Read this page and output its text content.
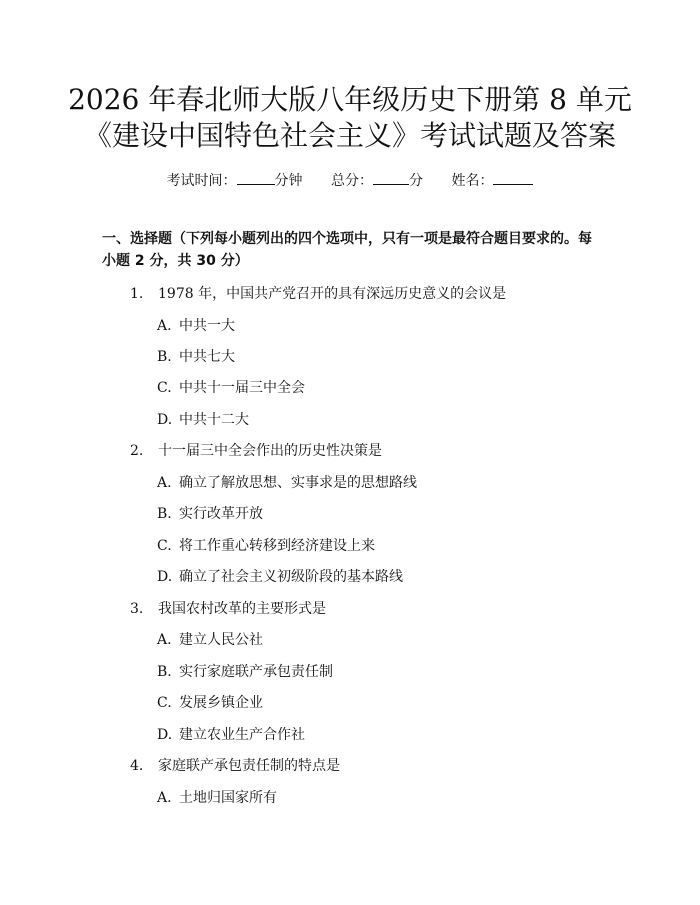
2026 年春北师大版八年级历史下册第 8 单元
《建设中国特色社会主义》考试试题及答案
考试时间：	分钟 总分：	分 姓名：
一、选择题（下列每小题列出的四个选项中，只有一项是最符合题目要求的。每小题 2 分，共 30 分）
1. 1978 年，中国共产党召开的具有深远历史意义的会议是
A. 中共一大
B. 中共七大
C. 中共十一届三中全会
D. 中共十二大
2. 十一届三中全会作出的历史性决策是
A. 确立了解放思想、实事求是的思想路线
B. 实行改革开放
C. 将工作重心转移到经济建设上来
D. 确立了社会主义初级阶段的基本路线
3. 我国农村改革的主要形式是
A. 建立人民公社
B. 实行家庭联产承包责任制
C. 发展乡镇企业
D. 建立农业生产合作社
4. 家庭联产承包责任制的特点是
A. 土地归国家所有
